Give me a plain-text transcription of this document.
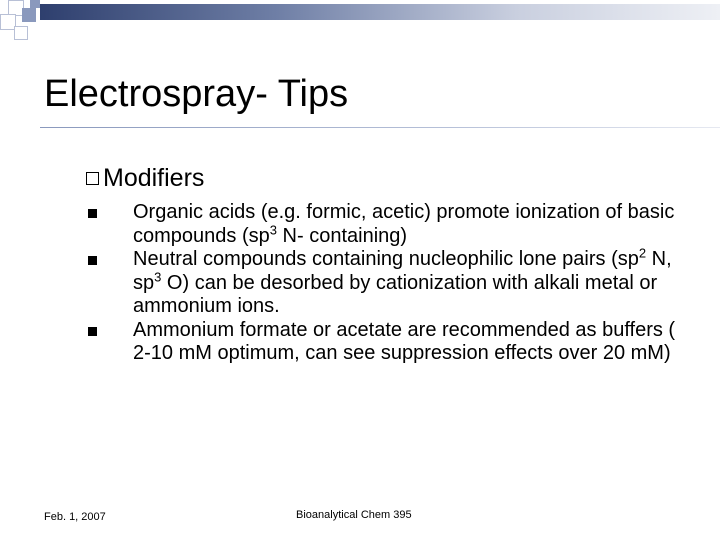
Electrospray- Tips
Modifiers
Organic acids (e.g. formic, acetic) promote ionization of basic compounds ($sp^3$ N- containing)
Neutral compounds containing nucleophilic lone pairs ($sp^2$ N, $sp^3$ O) can be desorbed by cationization with alkali metal or ammonium ions.
Ammonium formate or acetate are recommended as buffers ( 2-10 mM optimum, can see suppression effects over 20 mM)
Feb. 1, 2007	Bioanalytical Chem 395
